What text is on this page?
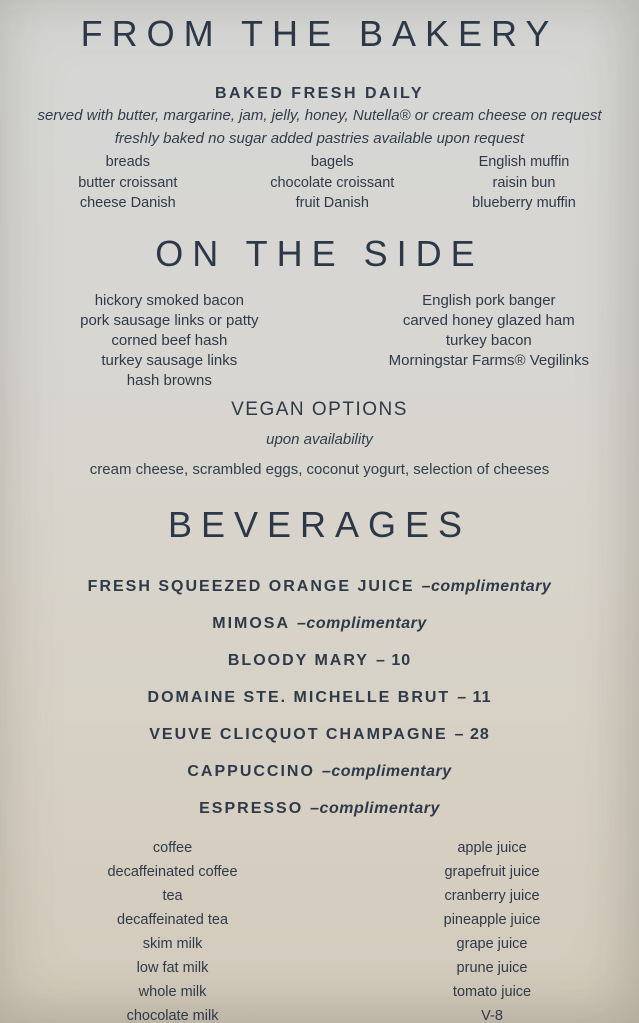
FROM THE BAKERY
BAKED FRESH DAILY
served with butter, margarine, jam, jelly, honey, Nutella® or cream cheese on request
freshly baked no sugar added pastries available upon request
breads
butter croissant
cheese Danish
bagels
chocolate croissant
fruit Danish
English muffin
raisin bun
blueberry muffin
ON THE SIDE
hickory smoked bacon
pork sausage links or patty
corned beef hash
turkey sausage links
hash browns
English pork banger
carved honey glazed ham
turkey bacon
Morningstar Farms® Vegilinks
VEGAN OPTIONS
upon availability
cream cheese, scrambled eggs, coconut yogurt, selection of cheeses
BEVERAGES
FRESH SQUEEZED ORANGE JUICE –complimentary
MIMOSA –complimentary
BLOODY MARY – 10
DOMAINE STE. MICHELLE BRUT – 11
VEUVE CLICQUOT CHAMPAGNE – 28
CAPPUCCINO –complimentary
ESPRESSO –complimentary
coffee
decaffeinated coffee
tea
decaffeinated tea
skim milk
low fat milk
whole milk
chocolate milk
apple juice
grapefruit juice
cranberry juice
pineapple juice
grape juice
prune juice
tomato juice
V-8
